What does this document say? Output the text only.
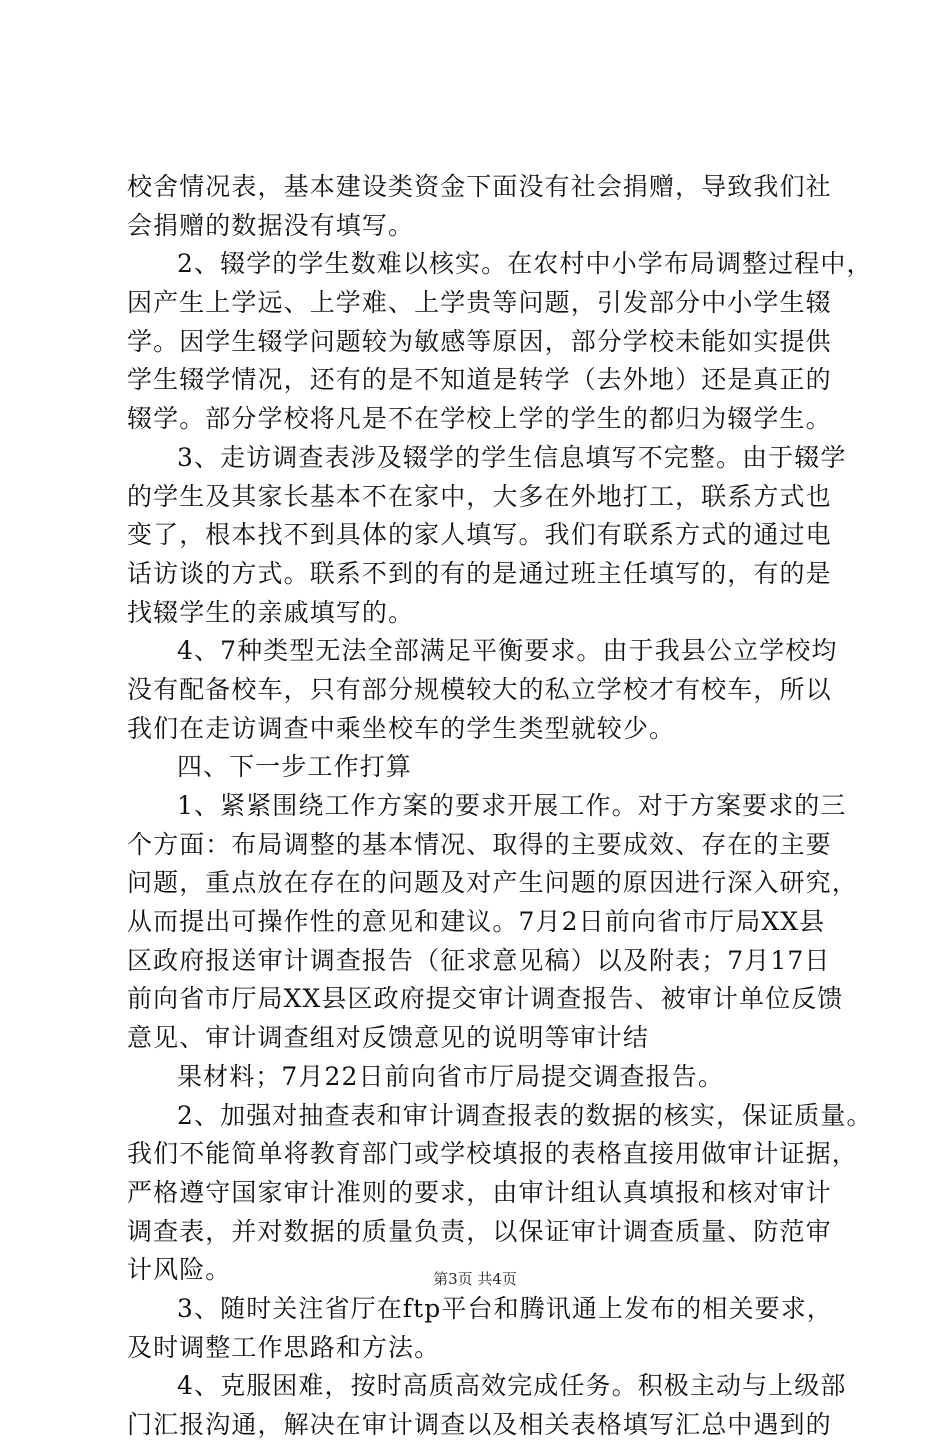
校舍情况表，基本建设类资金下面没有社会捐赠，导致我们社
会捐赠的数据没有填写。
2、辍学的学生数难以核实。在农村中小学布局调整过程中，
因产生上学远、上学难、上学贵等问题，引发部分中小学生辍
学。因学生辍学问题较为敏感等原因，部分学校未能如实提供
学生辍学情况，还有的是不知道是转学（去外地）还是真正的
辍学。部分学校将凡是不在学校上学的学生的都归为辍学生。
3、走访调查表涉及辍学的学生信息填写不完整。由于辍学
的学生及其家长基本不在家中，大多在外地打工，联系方式也
变了，根本找不到具体的家人填写。我们有联系方式的通过电
话访谈的方式。联系不到的有的是通过班主任填写的，有的是
找辍学生的亲戚填写的。
4、7种类型无法全部满足平衡要求。由于我县公立学校均
没有配备校车，只有部分规模较大的私立学校才有校车，所以
我们在走访调查中乘坐校车的学生类型就较少。
四、下一步工作打算
1、紧紧围绕工作方案的要求开展工作。对于方案要求的三
个方面：布局调整的基本情况、取得的主要成效、存在的主要
问题，重点放在存在的问题及对产生问题的原因进行深入研究，
从而提出可操作性的意见和建议。7月2日前向省市厅局XX县
区政府报送审计调查报告（征求意见稿）以及附表；7月17日
前向省市厅局XX县区政府提交审计调查报告、被审计单位反馈
意见、审计调查组对反馈意见的说明等审计结
果材料；7月22日前向省市厅局提交调查报告。
2、加强对抽查表和审计调查报表的数据的核实，保证质量。
我们不能简单将教育部门或学校填报的表格直接用做审计证据，
严格遵守国家审计准则的要求，由审计组认真填报和核对审计
调查表，并对数据的质量负责，以保证审计调查质量、防范审
计风险。
3、随时关注省厅在ftp平台和腾讯通上发布的相关要求，
及时调整工作思路和方法。
4、克服困难，按时高质高效完成任务。积极主动与上级部
门汇报沟通，解决在审计调查以及相关表格填写汇总中遇到的
第3页 共4页
